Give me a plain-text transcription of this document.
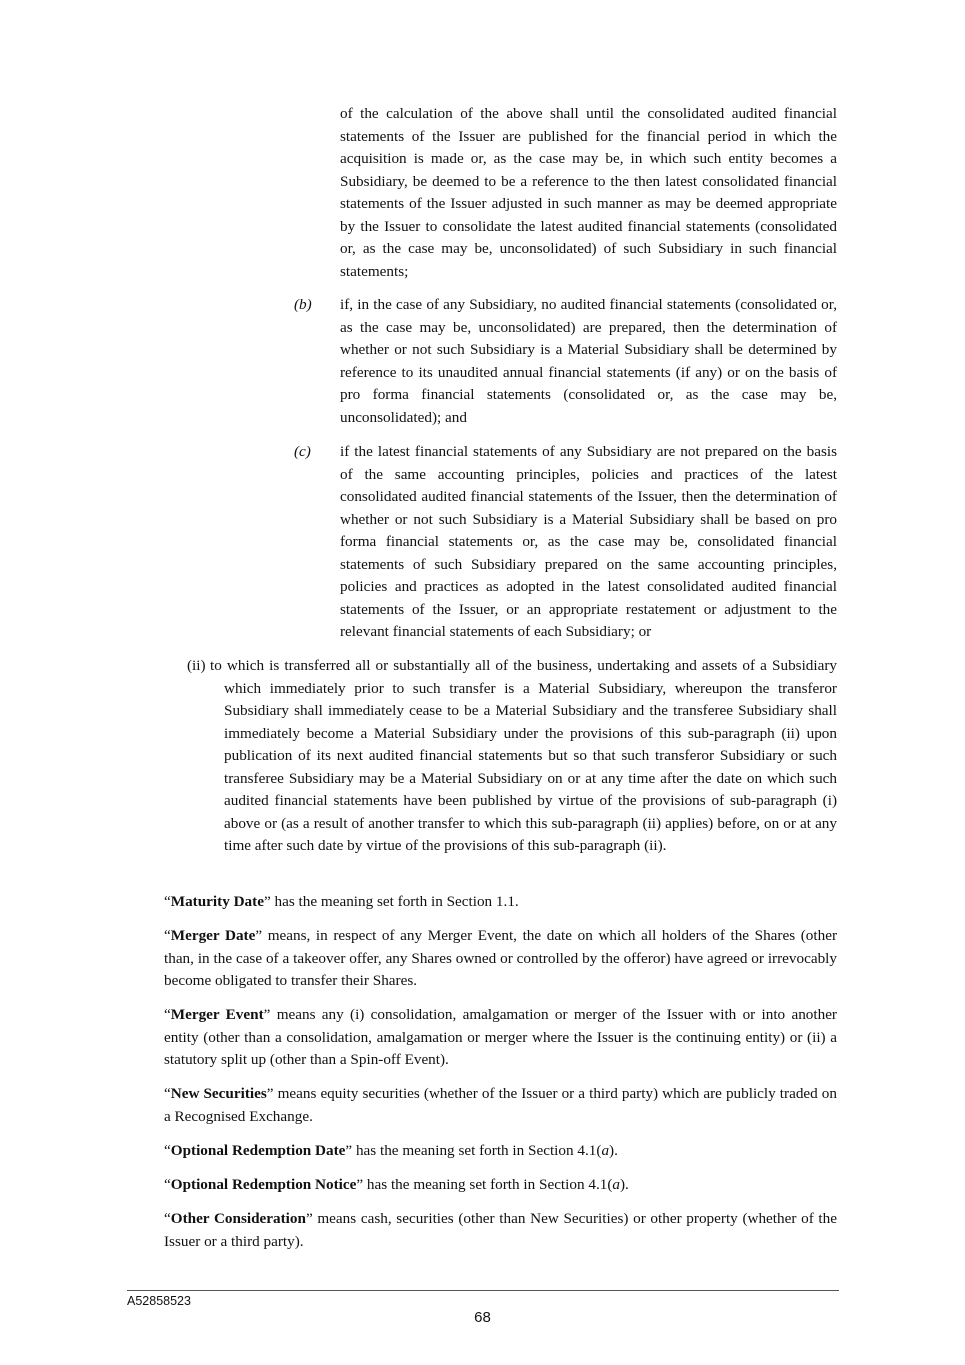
of the calculation of the above shall until the consolidated audited financial statements of the Issuer are published for the financial period in which the acquisition is made or, as the case may be, in which such entity becomes a Subsidiary, be deemed to be a reference to the then latest consolidated financial statements of the Issuer adjusted in such manner as may be deemed appropriate by the Issuer to consolidate the latest audited financial statements (consolidated or, as the case may be, unconsolidated) of such Subsidiary in such financial statements;

(b) if, in the case of any Subsidiary, no audited financial statements (consolidated or, as the case may be, unconsolidated) are prepared, then the determination of whether or not such Subsidiary is a Material Subsidiary shall be determined by reference to its unaudited annual financial statements (if any) or on the basis of pro forma financial statements (consolidated or, as the case may be, unconsolidated); and

(c) if the latest financial statements of any Subsidiary are not prepared on the basis of the same accounting principles, policies and practices of the latest consolidated audited financial statements of the Issuer, then the determination of whether or not such Subsidiary is a Material Subsidiary shall be based on pro forma financial statements or, as the case may be, consolidated financial statements of such Subsidiary prepared on the same accounting principles, policies and practices as adopted in the latest consolidated audited financial statements of the Issuer, or an appropriate restatement or adjustment to the relevant financial statements of each Subsidiary; or

(ii) to which is transferred all or substantially all of the business, undertaking and assets of a Subsidiary which immediately prior to such transfer is a Material Subsidiary, whereupon the transferor Subsidiary shall immediately cease to be a Material Subsidiary and the transferee Subsidiary shall immediately become a Material Subsidiary under the provisions of this sub-paragraph (ii) upon publication of its next audited financial statements but so that such transferor Subsidiary or such transferee Subsidiary may be a Material Subsidiary on or at any time after the date on which such audited financial statements have been published by virtue of the provisions of sub-paragraph (i) above or (as a result of another transfer to which this sub-paragraph (ii) applies) before, on or at any time after such date by virtue of the provisions of this sub-paragraph (ii).

“Maturity Date” has the meaning set forth in Section 1.1.

“Merger Date” means, in respect of any Merger Event, the date on which all holders of the Shares (other than, in the case of a takeover offer, any Shares owned or controlled by the offeror) have agreed or irrevocably become obligated to transfer their Shares.

“Merger Event” means any (i) consolidation, amalgamation or merger of the Issuer with or into another entity (other than a consolidation, amalgamation or merger where the Issuer is the continuing entity) or (ii) a statutory split up (other than a Spin-off Event).

“New Securities” means equity securities (whether of the Issuer or a third party) which are publicly traded on a Recognised Exchange.

“Optional Redemption Date” has the meaning set forth in Section 4.1(a).

“Optional Redemption Notice” has the meaning set forth in Section 4.1(a).

“Other Consideration” means cash, securities (other than New Securities) or other property (whether of the Issuer or a third party).

A52858523
68
